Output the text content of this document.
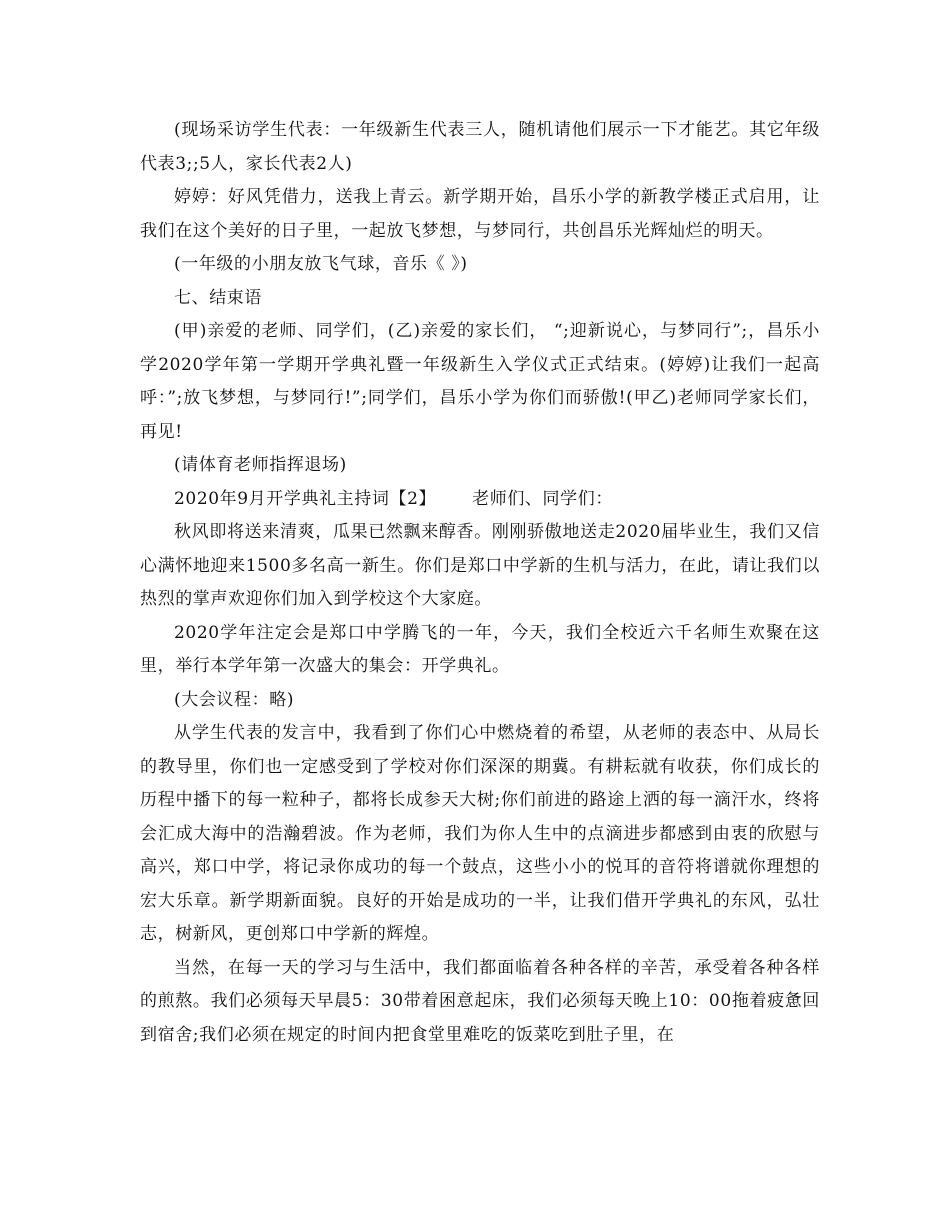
(现场采访学生代表：一年级新生代表三人，随机请他们展示一下才能艺。其它年级代表3;;5人，家长代表2人)

婷婷：好风凭借力，送我上青云。新学期开始，昌乐小学的新教学楼正式启用，让我们在这个美好的日子里，一起放飞梦想，与梦同行，共创昌乐光辉灿烂的明天。

(一年级的小朋友放飞气球，音乐《 》)

七、结束语

(甲)亲爱的老师、同学们，(乙)亲爱的家长们， “;迎新说心，与梦同行”;，昌乐小学2020学年第一学期开学典礼暨一年级新生入学仪式正式结束。(婷婷)让我们一起高呼：”;放飞梦想，与梦同行!”;同学们，昌乐小学为你们而骄傲!(甲乙)老师同学家长们，再见!

(请体育老师指挥退场)

2020年9月开学典礼主持词【2】      老师们、同学们：

秋风即将送来清爽，瓜果已然飘来醇香。刚刚骄傲地送走2020届毕业生，我们又信心满怀地迎来1500多名高一新生。你们是郑口中学新的生机与活力，在此，请让我们以热烈的掌声欢迎你们加入到学校这个大家庭。

2020学年注定会是郑口中学腾飞的一年，今天，我们全校近六千名师生欢聚在这里，举行本学年第一次盛大的集会：开学典礼。

(大会议程：略)

从学生代表的发言中，我看到了你们心中燃烧着的希望，从老师的表态中、从局长的教导里，你们也一定感受到了学校对你们深深的期冀。有耕耘就有收获，你们成长的历程中播下的每一粒种子，都将长成参天大树;你们前进的路途上洒的每一滴汗水，终将会汇成大海中的浩瀚碧波。作为老师，我们为你人生中的点滴进步都感到由衷的欣慰与高兴，郑口中学，将记录你成功的每一个鼓点，这些小小的悦耳的音符将谱就你理想的宏大乐章。新学期新面貌。良好的开始是成功的一半，让我们借开学典礼的东风，弘壮志，树新风，更创郑口中学新的辉煌。

当然，在每一天的学习与生活中，我们都面临着各种各样的辛苦，承受着各种各样的煎熬。我们必须每天早晨5：30带着困意起床，我们必须每天晚上10：00拖着疲惫回到宿舍;我们必须在规定的时间内把食堂里难吃的饭菜吃到肚子里，在
